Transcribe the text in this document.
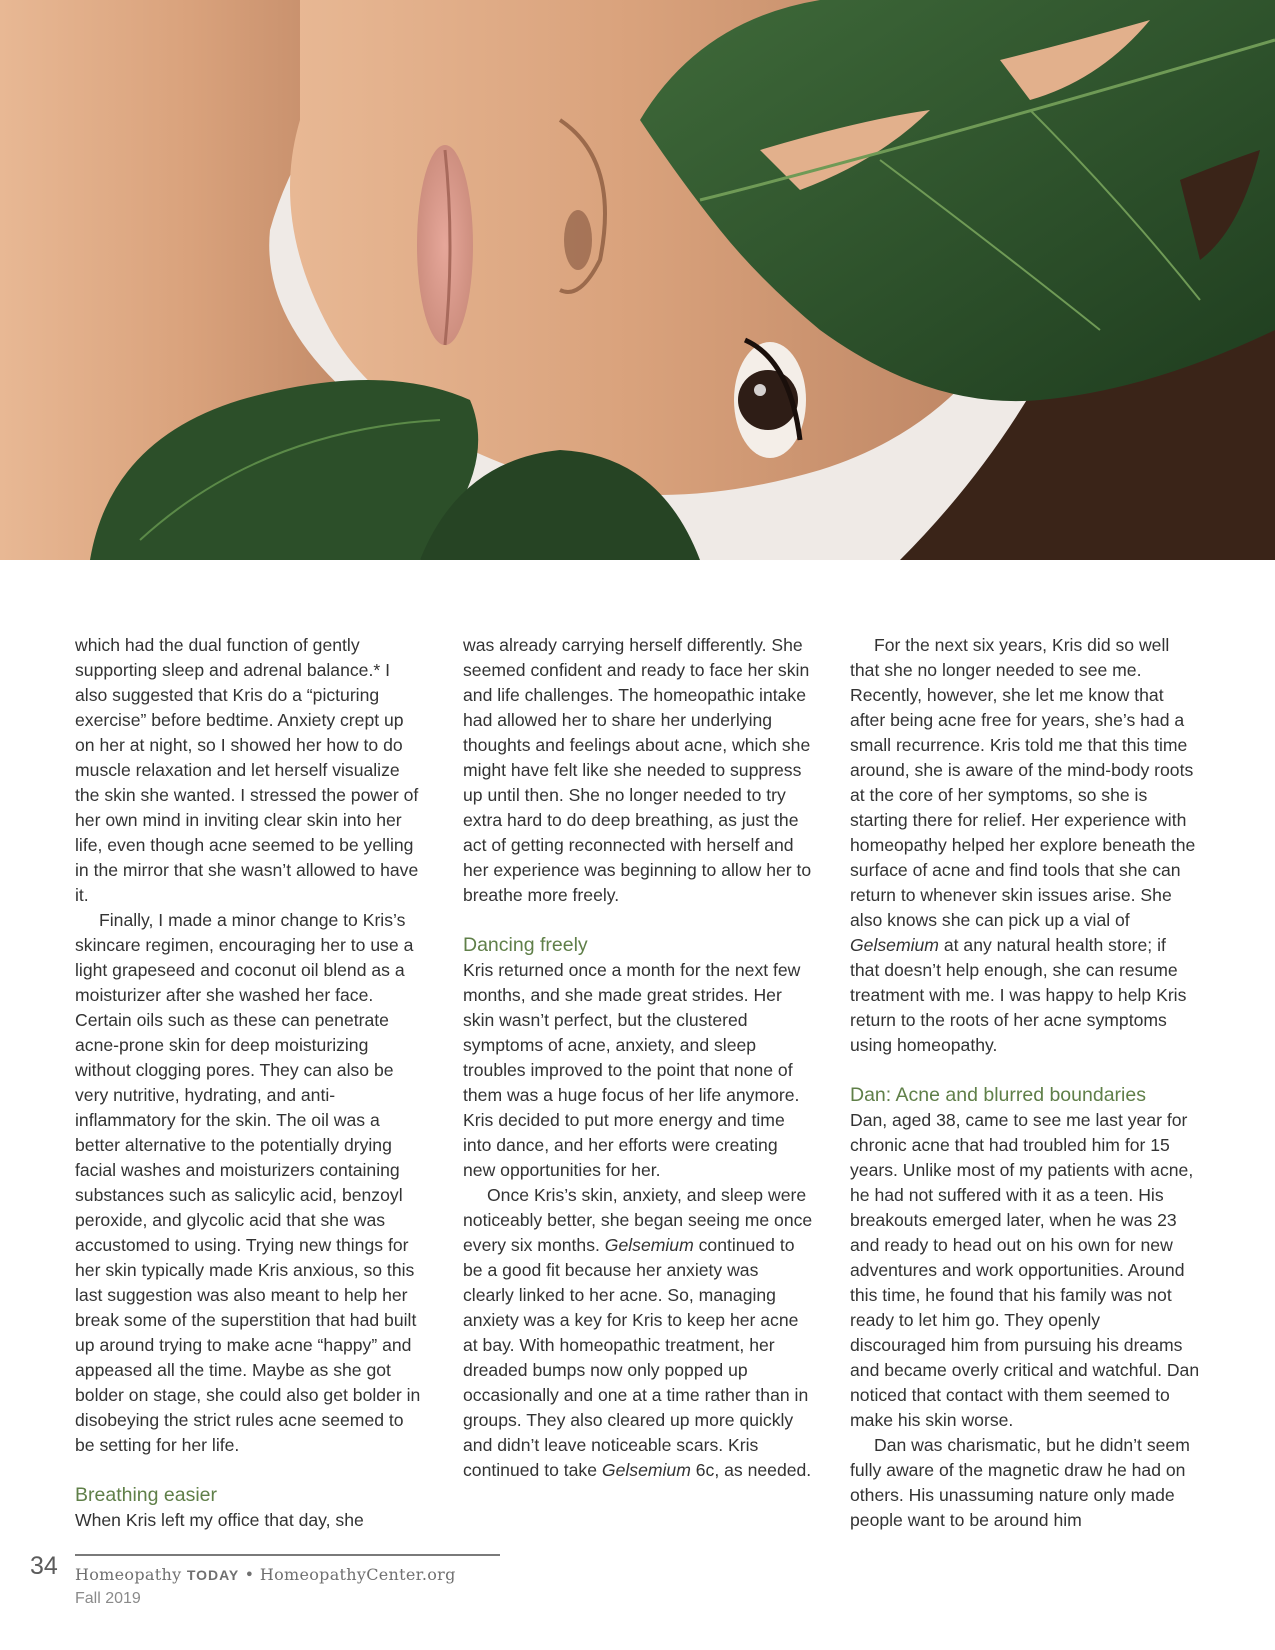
which had the dual function of gently supporting sleep and adrenal balance.* I also suggested that Kris do a “picturing exercise” before bedtime. Anxiety crept up on her at night, so I showed her how to do muscle relaxation and let herself visualize the skin she wanted. I stressed the power of her own mind in inviting clear skin into her life, even though acne seemed to be yelling in the mirror that she wasn’t allowed to have it.

Finally, I made a minor change to Kris’s skincare regimen, encouraging her to use a light grapeseed and coconut oil blend as a moisturizer after she washed her face. Certain oils such as these can penetrate acne-prone skin for deep moisturizing without clogging pores. They can also be very nutritive, hydrating, and anti-inflammatory for the skin. The oil was a better alternative to the potentially drying facial washes and moisturizers containing substances such as salicylic acid, benzoyl peroxide, and glycolic acid that she was accustomed to using. Trying new things for her skin typically made Kris anxious, so this last suggestion was also meant to help her break some of the superstition that had built up around trying to make acne “happy” and appeased all the time. Maybe as she got bolder on stage, she could also get bolder in disobeying the strict rules acne seemed to be setting for her life.

Breathing easier

When Kris left my office that day, she

was already carrying herself differently. She seemed confident and ready to face her skin and life challenges. The homeopathic intake had allowed her to share her underlying thoughts and feelings about acne, which she might have felt like she needed to suppress up until then. She no longer needed to try extra hard to do deep breathing, as just the act of getting reconnected with herself and her experience was beginning to allow her to breathe more freely.

Dancing freely

Kris returned once a month for the next few months, and she made great strides. Her skin wasn’t perfect, but the clustered symptoms of acne, anxiety, and sleep troubles improved to the point that none of them was a huge focus of her life anymore. Kris decided to put more energy and time into dance, and her efforts were creating new opportunities for her.

Once Kris’s skin, anxiety, and sleep were noticeably better, she began seeing me once every six months. Gelsemium continued to be a good fit because her anxiety was clearly linked to her acne. So, managing anxiety was a key for Kris to keep her acne at bay. With homeopathic treatment, her dreaded bumps now only popped up occasionally and one at a time rather than in groups. They also cleared up more quickly and didn’t leave noticeable scars. Kris continued to take Gelsemium 6c, as needed.

For the next six years, Kris did so well that she no longer needed to see me. Recently, however, she let me know that after being acne free for years, she’s had a small recurrence. Kris told me that this time around, she is aware of the mind-body roots at the core of her symptoms, so she is starting there for relief. Her experience with homeopathy helped her explore beneath the surface of acne and find tools that she can return to whenever skin issues arise. She also knows she can pick up a vial of Gelsemium at any natural health store; if that doesn’t help enough, she can resume treatment with me. I was happy to help Kris return to the roots of her acne symptoms using homeopathy.

Dan: Acne and blurred boundaries

Dan, aged 38, came to see me last year for chronic acne that had troubled him for 15 years. Unlike most of my patients with acne, he had not suffered with it as a teen. His breakouts emerged later, when he was 23 and ready to head out on his own for new adventures and work opportunities. Around this time, he found that his family was not ready to let him go. They openly discouraged him from pursuing his dreams and became overly critical and watchful. Dan noticed that contact with them seemed to make his skin worse.

Dan was charismatic, but he didn’t seem fully aware of the magnetic draw he had on others. His unassuming nature only made people want to be around him

34 Homeopathy TODAY • HomeopathyCenter.org
Fall 2019
